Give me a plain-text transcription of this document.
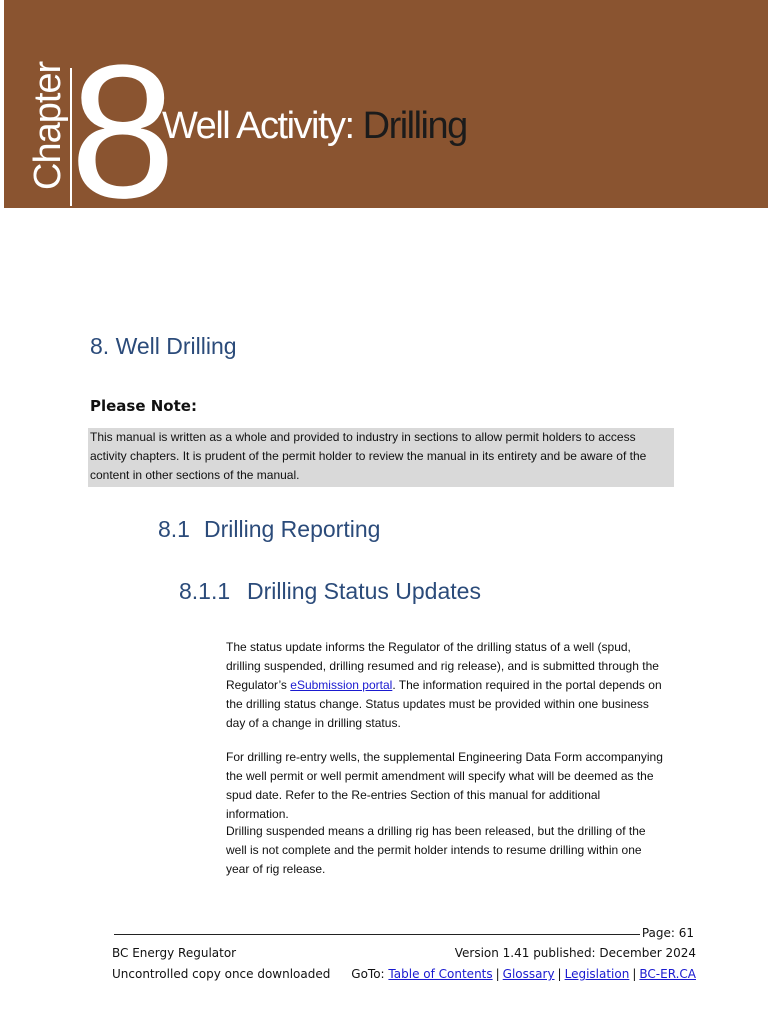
Chapter 8
Well Activity: Drilling
8. Well Drilling
Please Note:
This manual is written as a whole and provided to industry in sections to allow permit holders to access activity chapters. It is prudent of the permit holder to review the manual in its entirety and be aware of the content in other sections of the manual.
8.1 Drilling Reporting
8.1.1 Drilling Status Updates
The status update informs the Regulator of the drilling status of a well (spud, drilling suspended, drilling resumed and rig release), and is submitted through the Regulator’s eSubmission portal. The information required in the portal depends on the drilling status change. Status updates must be provided within one business day of a change in drilling status.
For drilling re-entry wells, the supplemental Engineering Data Form accompanying the well permit or well permit amendment will specify what will be deemed as the spud date. Refer to the Re-entries Section of this manual for additional information.
Drilling suspended means a drilling rig has been released, but the drilling of the well is not complete and the permit holder intends to resume drilling within one year of rig release.
Page: 61
BC Energy Regulator
Uncontrolled copy once downloaded
Version 1.41 published: December 2024
GoTo: Table of Contents | Glossary | Legislation | BC-ER.CA
